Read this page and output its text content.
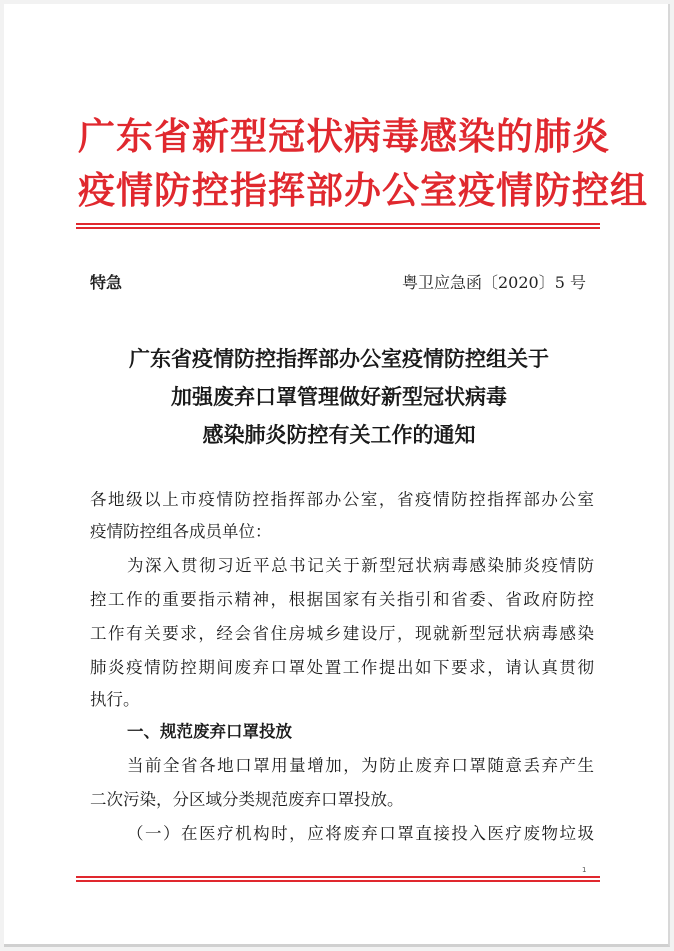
广东省新型冠状病毒感染的肺炎
疫情防控指挥部办公室疫情防控组
特急	粤卫应急函〔2020〕5 号
广东省疫情防控指挥部办公室疫情防控组关于
加强废弃口罩管理做好新型冠状病毒
感染肺炎防控有关工作的通知
各地级以上市疫情防控指挥部办公室，省疫情防控指挥部办公室
疫情防控组各成员单位：
为深入贯彻习近平总书记关于新型冠状病毒感染肺炎疫情防
控工作的重要指示精神，根据国家有关指引和省委、省政府防控
工作有关要求，经会省住房城乡建设厅，现就新型冠状病毒感染
肺炎疫情防控期间废弃口罩处置工作提出如下要求，请认真贯彻
执行。
一、规范废弃口罩投放
当前全省各地口罩用量增加，为防止废弃口罩随意丢弃产生
二次污染，分区域分类规范废弃口罩投放。
（一）在医疗机构时，应将废弃口罩直接投入医疗废物垃圾
1
